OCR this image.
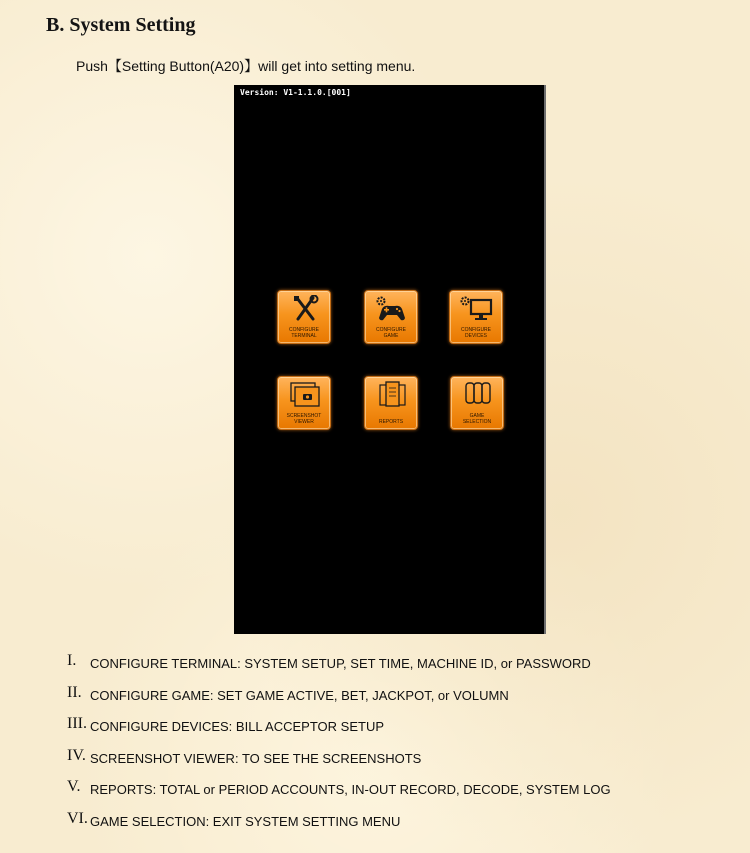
B. System Setting
Push【Setting Button(A20)】will get into setting menu.
Version: V1-1.1.0.[001]
CONFIGURE
TERMINAL
CONFIGURE
GAME
CONFIGURE
DEVICES
SCREENSHOT
VIEWER	REPORTS
GAME
SELECTION
I. CONFIGURE TERMINAL: SYSTEM SETUP, SET TIME, MACHINE ID, or PASSWORD
II. CONFIGURE GAME: SET GAME ACTIVE, BET, JACKPOT, or VOLUMN
III. CONFIGURE DEVICES: BILL ACCEPTOR SETUP
IV. SCREENSHOT VIEWER: TO SEE THE SCREENSHOTS
V. REPORTS: TOTAL or PERIOD ACCOUNTS, IN-OUT RECORD, DECODE, SYSTEM LOG
VI. GAME SELECTION: EXIT SYSTEM SETTING MENU
